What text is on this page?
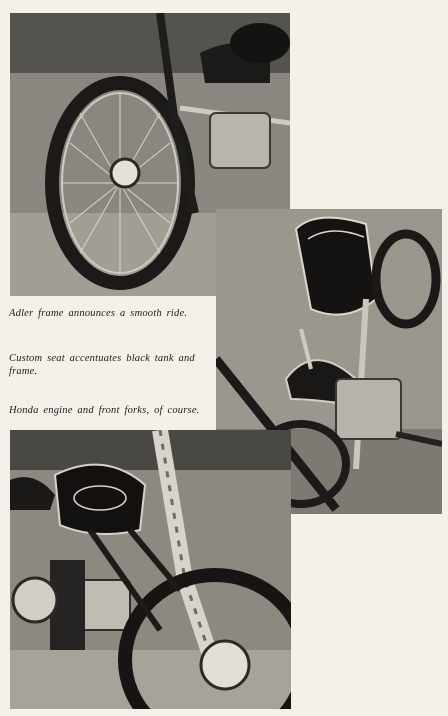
Adler frame announces a smooth ride.
Custom seat accentuates black tank and frame.
Honda engine and front forks, of course.
